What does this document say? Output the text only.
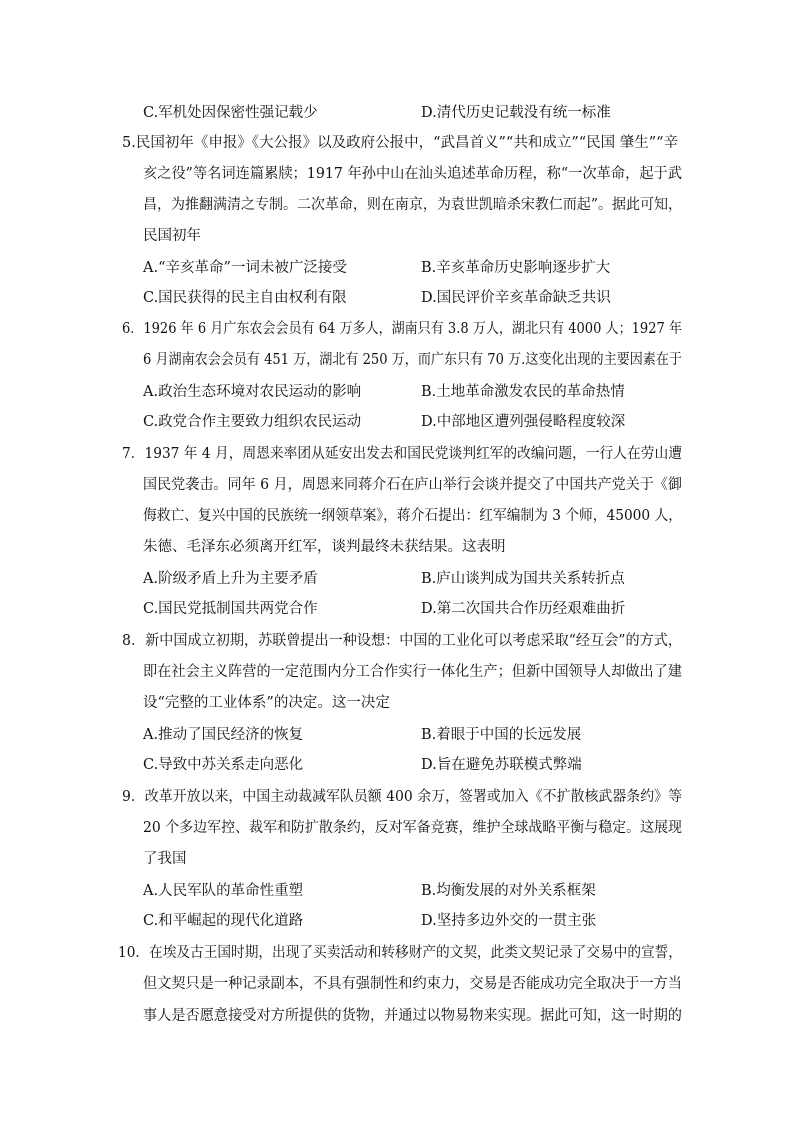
C.军机处因保密性强记载少	D.清代历史记载没有统一标准
5.民国初年《申报》《大公报》以及政府公报中，“武昌首义”“共和成立”“民国 肇生”“辛
亥之役”等名词连篇累牍；1917 年孙中山在汕头追述革命历程，称“一次革命，起于武
昌，为推翻满清之专制。二次革命，则在南京，为袁世凯暗杀宋教仁而起”。据此可知，
民国初年
A.“辛亥革命”一词未被广泛接受	B.辛亥革命历史影响逐步扩大
C.国民获得的民主自由权利有限	D.国民评价辛亥革命缺乏共识
6．1926 年 6 月广东农会会员有 64 万多人，湖南只有 3.8 万人，湖北只有 4000 人；1927 年
6 月湖南农会会员有 451 万，湖北有 250 万，而广东只有 70 万.这变化出现的主要因素在于
A.政治生态环境对农民运动的影响	B.土地革命激发农民的革命热情
C.政党合作主要致力组织农民运动	D.中部地区遭列强侵略程度较深
7．1937 年 4 月，周恩来率团从延安出发去和国民党谈判红军的改编问题，一行人在劳山遭
国民党袭击。同年 6 月，周恩来同蒋介石在庐山举行会谈并提交了中国共产党关于《御
侮救亡、复兴中国的民族统一纲领草案》，蒋介石提出：红军编制为 3 个师，45000 人，
朱德、毛泽东必须离开红军，谈判最终未获结果。这表明
A.阶级矛盾上升为主要矛盾	B.庐山谈判成为国共关系转折点
C.国民党抵制国共两党合作	D.第二次国共合作历经艰难曲折
8．新中国成立初期，苏联曾提出一种设想：中国的工业化可以考虑采取“经互会”的方式，
即在社会主义阵营的一定范围内分工合作实行一体化生产；但新中国领导人却做出了建
设“完整的工业体系”的决定。这一决定
A.推动了国民经济的恢复	B.着眼于中国的长远发展
C.导致中苏关系走向恶化	D.旨在避免苏联模式弊端
9．改革开放以来，中国主动裁减军队员额 400 余万，签署或加入《不扩散核武器条约》等
20 个多边军控、裁军和防扩散条约，反对军备竞赛，维护全球战略平衡与稳定。这展现
了我国
A.人民军队的革命性重塑	B.均衡发展的对外关系框架
C.和平崛起的现代化道路	D.坚持多边外交的一贯主张
10．在埃及古王国时期，出现了买卖活动和转移财产的文契，此类文契记录了交易中的宣誓，
但文契只是一种记录副本，不具有强制性和约束力，交易是否能成功完全取决于一方当
事人是否愿意接受对方所提供的货物，并通过以物易物来实现。据此可知，这一时期的
